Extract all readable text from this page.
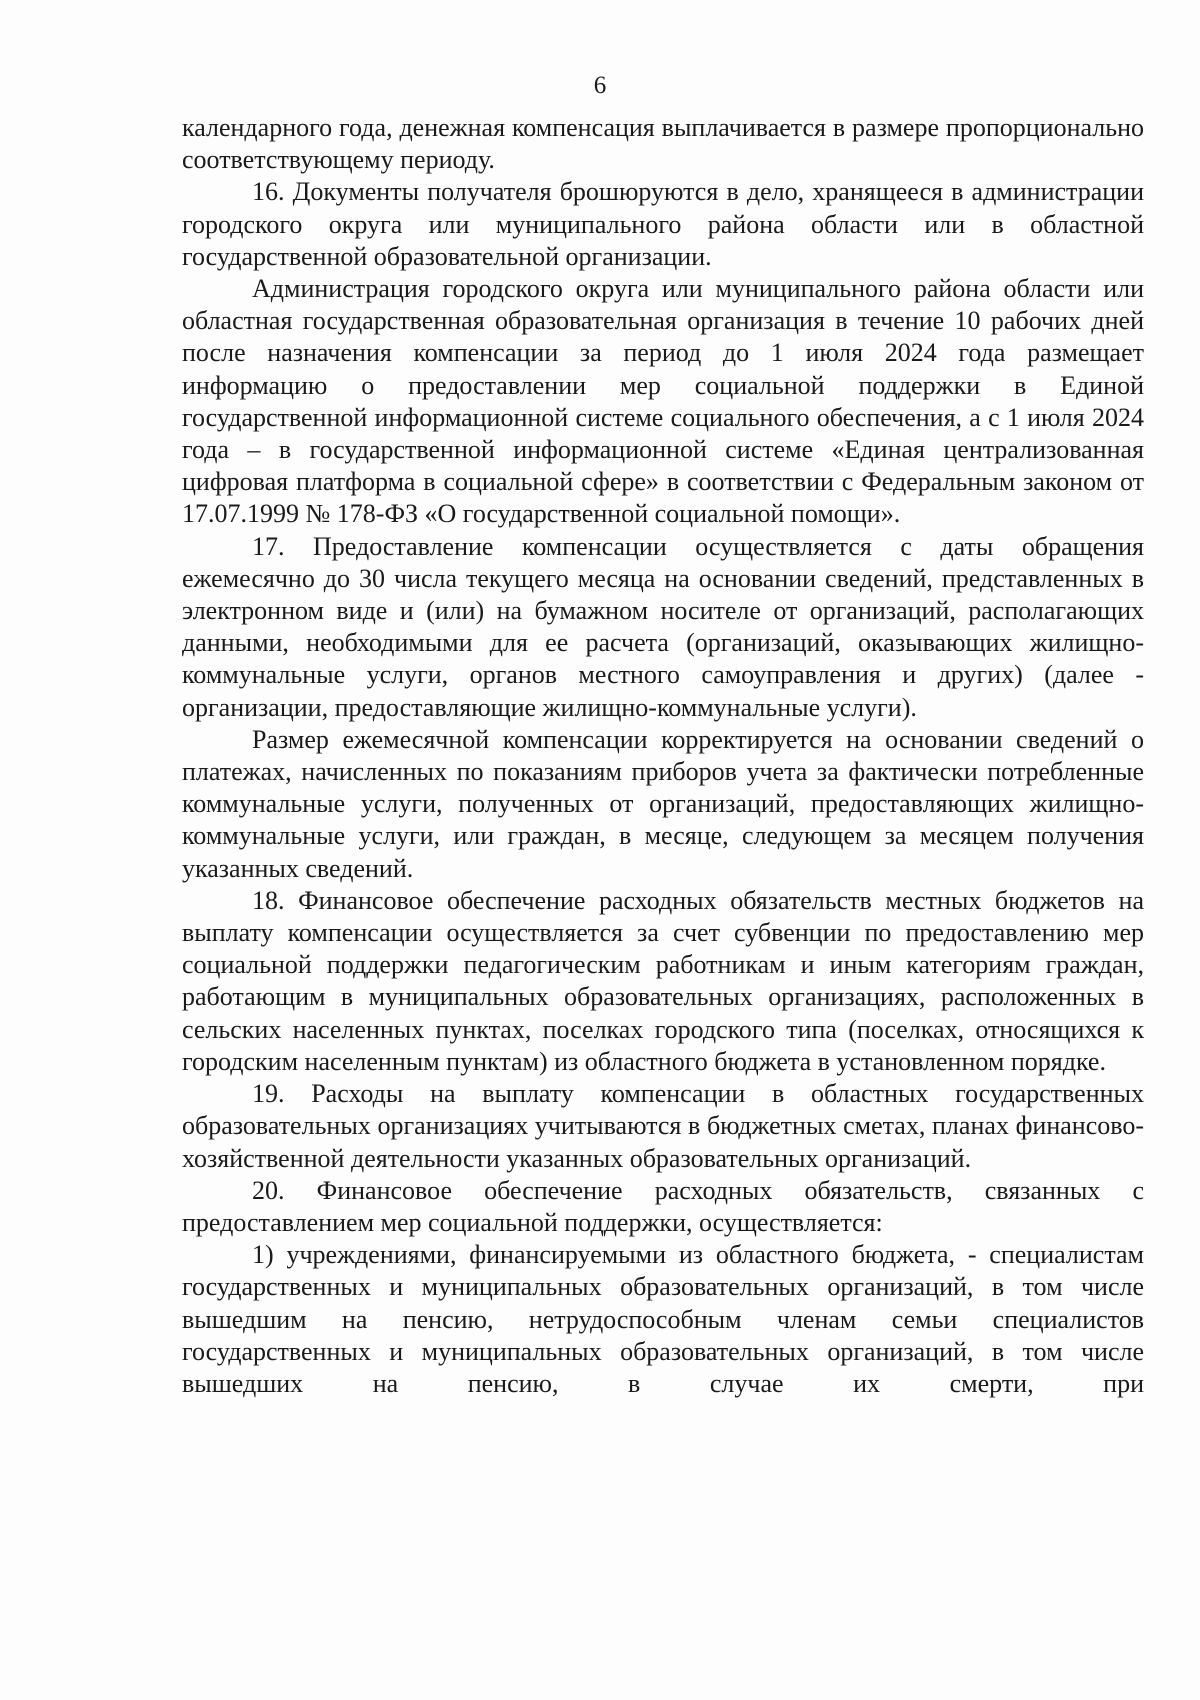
6

календарного года, денежная компенсация выплачивается в размере пропорционально соответствующему периоду.

16. Документы получателя брошюруются в дело, хранящееся в администрации городского округа или муниципального района области или в областной государственной образовательной организации.

Администрация городского округа или муниципального района области или областная государственная образовательная организация в течение 10 рабочих дней после назначения компенсации за период до 1 июля 2024 года размещает информацию о предоставлении мер социальной поддержки в Единой государственной информационной системе социального обеспечения, а с 1 июля 2024 года – в государственной информационной системе «Единая централизованная цифровая платформа в социальной сфере» в соответствии с Федеральным законом от 17.07.1999 № 178-ФЗ «О государственной социальной помощи».

17. Предоставление компенсации осуществляется с даты обращения ежемесячно до 30 числа текущего месяца на основании сведений, представленных в электронном виде и (или) на бумажном носителе от организаций, располагающих данными, необходимыми для ее расчета (организаций, оказывающих жилищно-коммунальные услуги, органов местного самоуправления и других) (далее - организации, предоставляющие жилищно-коммунальные услуги).

Размер ежемесячной компенсации корректируется на основании сведений о платежах, начисленных по показаниям приборов учета за фактически потребленные коммунальные услуги, полученных от организаций, предоставляющих жилищно-коммунальные услуги, или граждан, в месяце, следующем за месяцем получения указанных сведений.

18. Финансовое обеспечение расходных обязательств местных бюджетов на выплату компенсации осуществляется за счет субвенции по предоставлению мер социальной поддержки педагогическим работникам и иным категориям граждан, работающим в муниципальных образовательных организациях, расположенных в сельских населенных пунктах, поселках городского типа (поселках, относящихся к городским населенным пунктам) из областного бюджета в установленном порядке.

19. Расходы на выплату компенсации в областных государственных образовательных организациях учитываются в бюджетных сметах, планах финансово-хозяйственной деятельности указанных образовательных организаций.

20. Финансовое обеспечение расходных обязательств, связанных с предоставлением мер социальной поддержки, осуществляется:

1) учреждениями, финансируемыми из областного бюджета, - специалистам государственных и муниципальных образовательных организаций, в том числе вышедшим на пенсию, нетрудоспособным членам семьи специалистов государственных и муниципальных образовательных организаций, в том числе вышедших на пенсию, в случае их смерти, при
